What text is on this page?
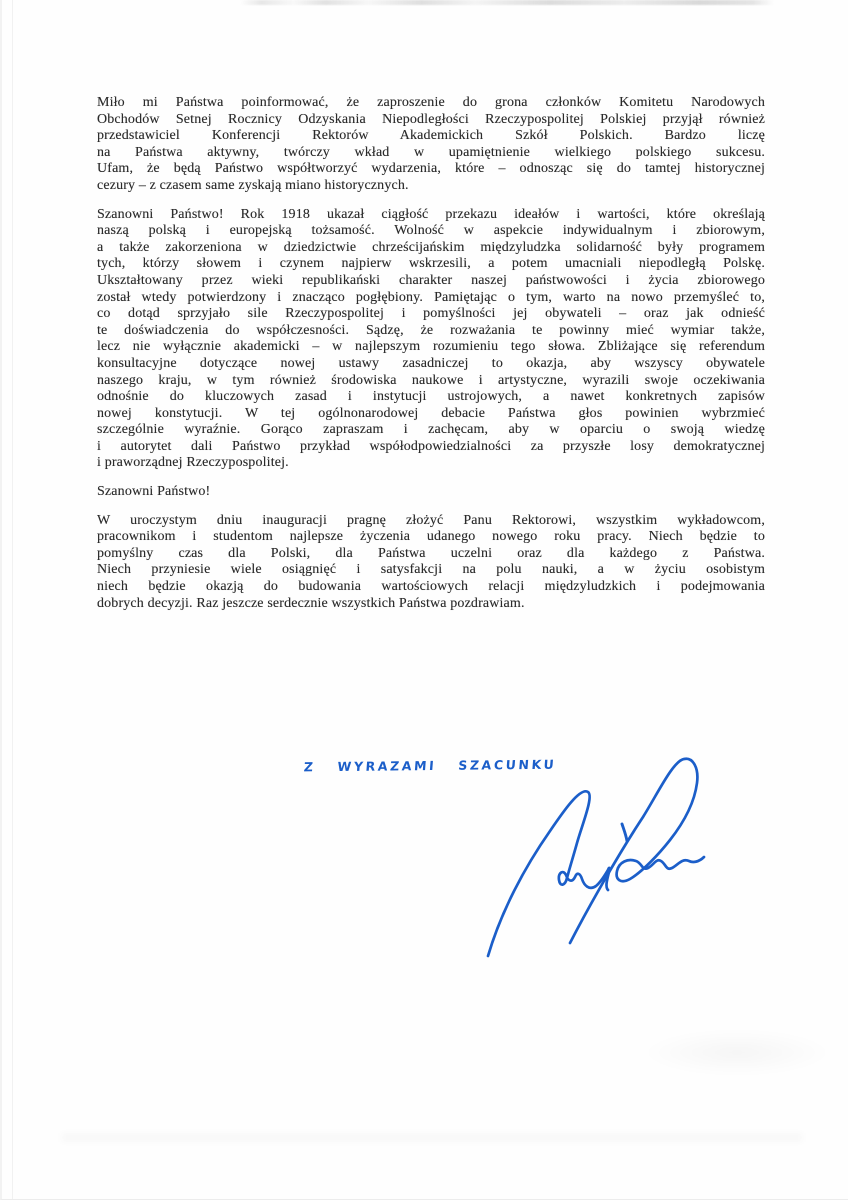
Miło mi Państwa poinformować, że zaproszenie do grona członków Komitetu Narodowych
Obchodów Setnej Rocznicy Odzyskania Niepodległości Rzeczypospolitej Polskiej przyjął również
przedstawiciel Konferencji Rektorów Akademickich Szkół Polskich. Bardzo liczę
na Państwa aktywny, twórczy wkład w upamiętnienie wielkiego polskiego sukcesu.
Ufam, że będą Państwo współtworzyć wydarzenia, które – odnosząc się do tamtej historycznej
cezury – z czasem same zyskają miano historycznych.
Szanowni Państwo! Rok 1918 ukazał ciągłość przekazu ideałów i wartości, które określają
naszą polską i europejską tożsamość. Wolność w aspekcie indywidualnym i zbiorowym,
a także zakorzeniona w dziedzictwie chrześcijańskim międzyludzka solidarność były programem
tych, którzy słowem i czynem najpierw wskrzesili, a potem umacniali niepodległą Polskę.
Ukształtowany przez wieki republikański charakter naszej państwowości i życia zbiorowego
został wtedy potwierdzony i znacząco pogłębiony. Pamiętając o tym, warto na nowo przemyśleć to,
co dotąd sprzyjało sile Rzeczypospolitej i pomyślności jej obywateli – oraz jak odnieść
te doświadczenia do współczesności. Sądzę, że rozważania te powinny mieć wymiar także,
lecz nie wyłącznie akademicki – w najlepszym rozumieniu tego słowa. Zbliżające się referendum
konsultacyjne dotyczące nowej ustawy zasadniczej to okazja, aby wszyscy obywatele
naszego kraju, w tym również środowiska naukowe i artystyczne, wyrazili swoje oczekiwania
odnośnie do kluczowych zasad i instytucji ustrojowych, a nawet konkretnych zapisów
nowej konstytucji. W tej ogólnonarodowej debacie Państwa głos powinien wybrzmieć
szczególnie wyraźnie. Gorąco zapraszam i zachęcam, aby w oparciu o swoją wiedzę
i autorytet dali Państwo przykład współodpowiedzialności za przyszłe losy demokratycznej
i praworządnej Rzeczypospolitej.
Szanowni Państwo!
W uroczystym dniu inauguracji pragnę złożyć Panu Rektorowi, wszystkim wykładowcom,
pracownikom i studentom najlepsze życzenia udanego nowego roku pracy. Niech będzie to
pomyślny czas dla Polski, dla Państwa uczelni oraz dla każdego z Państwa.
Niech przyniesie wiele osiągnięć i satysfakcji na polu nauki, a w życiu osobistym
niech będzie okazją do budowania wartościowych relacji międzyludzkich i podejmowania
dobrych decyzji. Raz jeszcze serdecznie wszystkich Państwa pozdrawiam.
Z WYRAZAMI SZACUNKU
